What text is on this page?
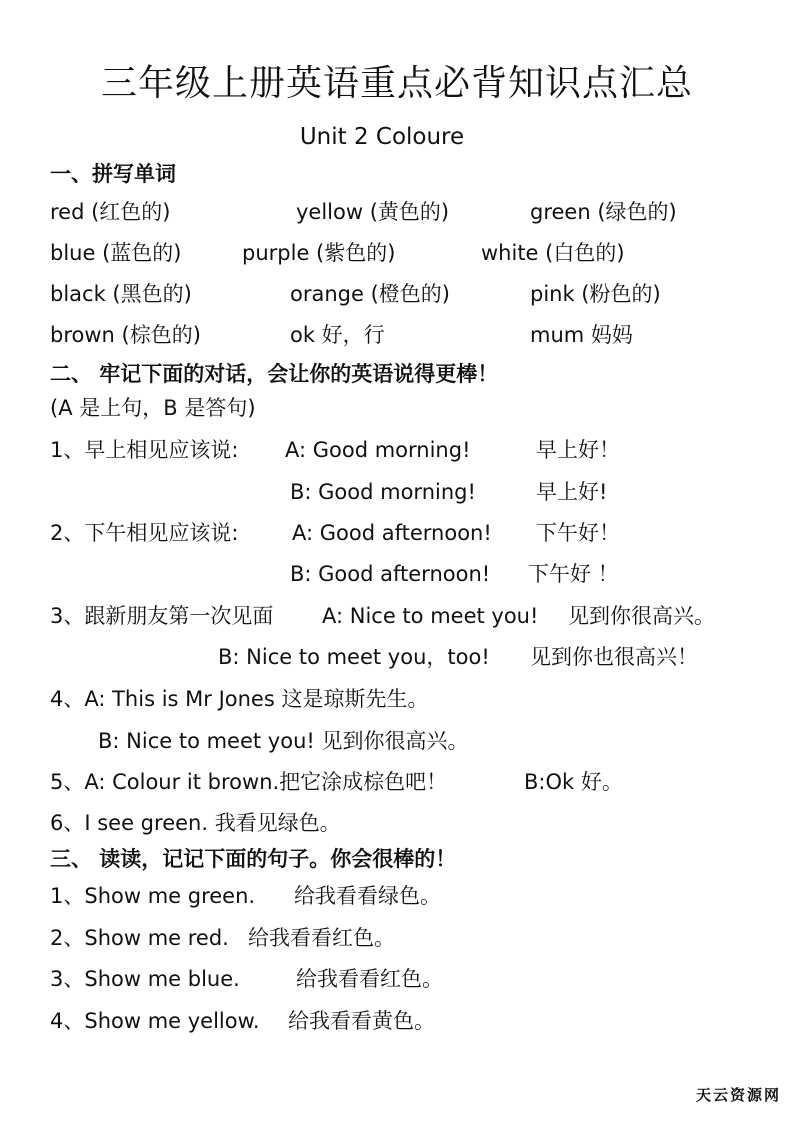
三年级上册英语重点必背知识点汇总
Unit 2 Coloure
一、拼写单词
red (红色的)	yellow (黄色的)	green (绿色的)
blue (蓝色的)	purple (紫色的)	white (白色的)
black (黑色的)	orange (橙色的)	pink (粉色的)
brown (棕色的)	ok 好，行	mum 妈妈
二、 牢记下面的对话，会让你的英语说得更棒！
(A 是上句，B 是答句)
1、早上相见应该说: A: Good morning!	早上好！
B: Good morning!	早上好!
2、下午相见应该说:	A: Good afternoon! 下午好！
B: Good afternoon! 下午好 ！
3、跟新朋友第一次见面 A: Nice to meet you! 见到你很高兴。
B: Nice to meet you，too! 见到你也很高兴！
4、A: This is Mr Jones 这是琼斯先生。
B: Nice to meet you! 见到你很高兴。
5、A: Colour it brown.把它涂成棕色吧！	B:Ok 好。
6、I see green. 我看见绿色。
三、 读读，记记下面的句子。你会很棒的！
1、Show me green. 给我看看绿色。
2、Show me red. 给我看看红色。
3、Show me blue.	给我看看红色。
4、Show me yellow. 给我看看黄色。
天云资源网
